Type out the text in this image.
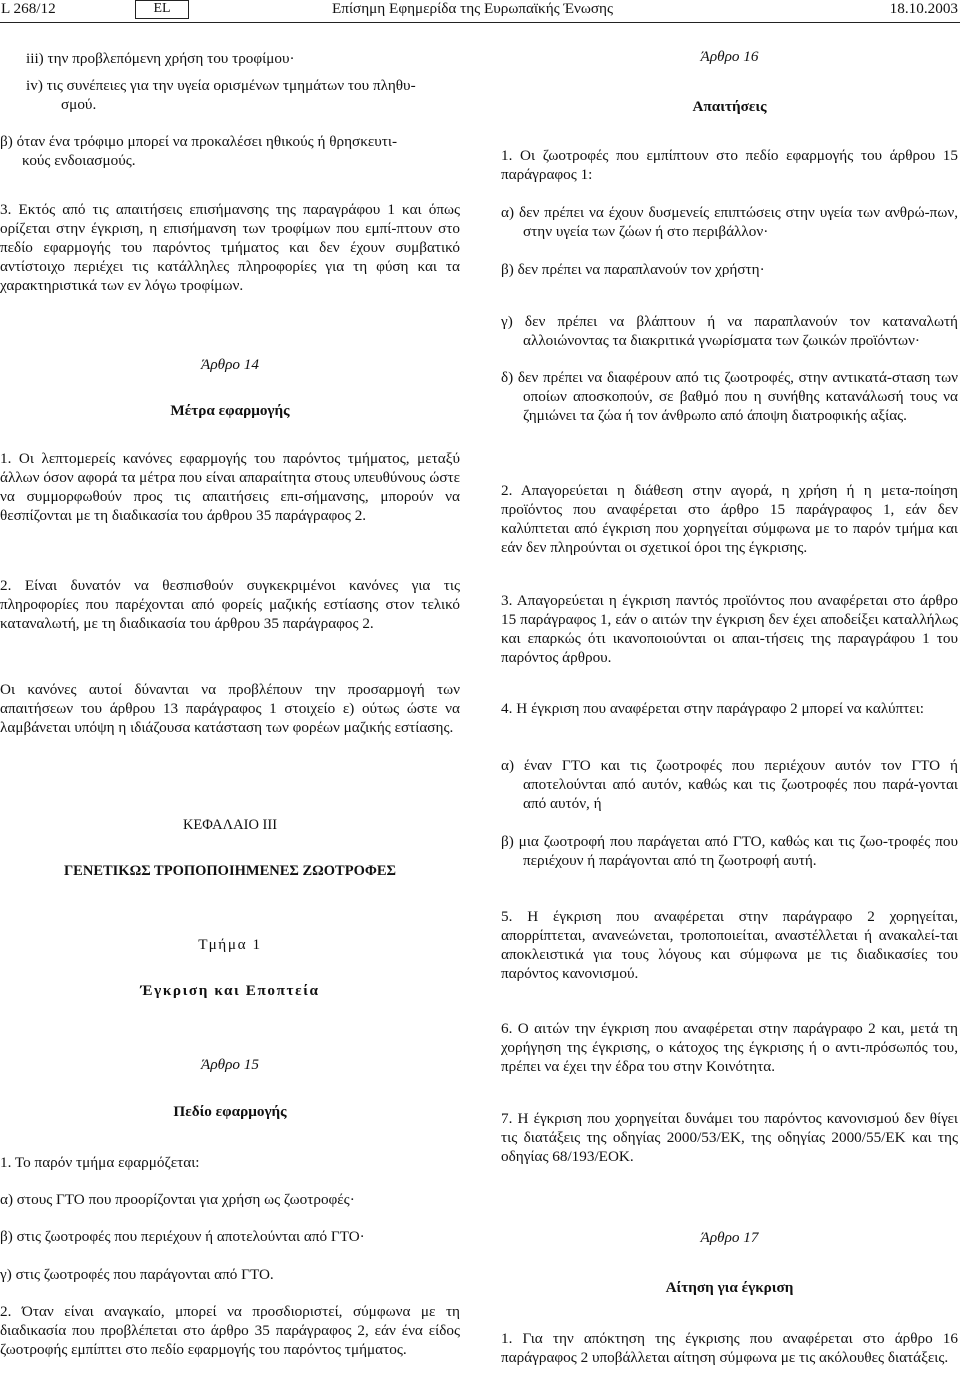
L 268/12	EL	Επίσημη Εφημερίδα της Ευρωπαϊκής Ένωσης	18.10.2003

iii) την προβλεπόμενη χρήση του τροφίμου·

iv) τις συνέπειες για την υγεία ορισμένων τμημάτων του πληθυ-

σμού.

β) όταν ένα τρόφιμο μπορεί να προκαλέσει ηθικούς ή θρησκευτι-

κούς ενδοιασμούς.

3. Εκτός από τις απαιτήσεις επισήμανσης της παραγράφου 1 και όπως ορίζεται στην έγκριση, η επισήμανση των τροφίμων που εμπί-πτουν στο πεδίο εφαρμογής του παρόντος τμήματος και δεν έχουν συμβατικό αντίστοιχο περιέχει τις κατάλληλες πληροφορίες για τη φύση και τα χαρακτηριστικά των εν λόγω τροφίμων.

Άρθρο 14

Μέτρα εφαρμογής

1. Οι λεπτομερείς κανόνες εφαρμογής του παρόντος τμήματος, μεταξύ άλλων όσον αφορά τα μέτρα που είναι απαραίτητα στους υπευθύνους ώστε να συμμορφωθούν προς τις απαιτήσεις επι-σήμανσης, μπορούν να θεσπίζονται με τη διαδικασία του άρθρου 35 παράγραφος 2.

2. Είναι δυνατόν να θεσπισθούν συγκεκριμένοι κανόνες για τις πληροφορίες που παρέχονται από φορείς μαζικής εστίασης στον τελικό καταναλωτή, με τη διαδικασία του άρθρου 35 παράγραφος 2.

Οι κανόνες αυτοί δύνανται να προβλέπουν την προσαρμογή των απαιτήσεων του άρθρου 13 παράγραφος 1 στοιχείο ε) ούτως ώστε να λαμβάνεται υπόψη η ιδιάζουσα κατάσταση των φορέων μαζικής εστίασης.

ΚΕΦΑΛΑΙΟ III

ΓΕΝΕΤΙΚΩΣ ΤΡΟΠΟΠΟΙΗΜΕΝΕΣ ΖΩΟΤΡΟΦΕΣ

Τμήμα 1

Έγκριση και Εποπτεία

Άρθρο 15

Πεδίο εφαρμογής

1. Το παρόν τμήμα εφαρμόζεται:

α) στους ΓΤΟ που προορίζονται για χρήση ως ζωοτροφές·

β) στις ζωοτροφές που περιέχουν ή αποτελούνται από ΓΤΟ·

γ) στις ζωοτροφές που παράγονται από ΓΤΟ.

2. Όταν είναι αναγκαίο, μπορεί να προσδιοριστεί, σύμφωνα με τη διαδικασία που προβλέπεται στο άρθρο 35 παράγραφος 2, εάν ένα είδος ζωοτροφής εμπίπτει στο πεδίο εφαρμογής του παρόντος τμήματος.

Άρθρο 16

Απαιτήσεις

1. Οι ζωοτροφές που εμπίπτουν στο πεδίο εφαρμογής του άρθρου 15 παράγραφος 1:

α) δεν πρέπει να έχουν δυσμενείς επιπτώσεις στην υγεία των ανθρώ-πων, στην υγεία των ζώων ή στο περιβάλλον·

β) δεν πρέπει να παραπλανούν τον χρήστη·

γ) δεν πρέπει να βλάπτουν ή να παραπλανούν τον καταναλωτή αλλοιώνοντας τα διακριτικά γνωρίσματα των ζωικών προϊόντων·

δ) δεν πρέπει να διαφέρουν από τις ζωοτροφές, στην αντικατά-σταση των οποίων αποσκοπούν, σε βαθμό που η συνήθης κατανάλωσή τους να ζημιώνει τα ζώα ή τον άνθρωπο από άποψη διατροφικής αξίας.

2. Απαγορεύεται η διάθεση στην αγορά, η χρήση ή η μετα-ποίηση προϊόντος που αναφέρεται στο άρθρο 15 παράγραφος 1, εάν δεν καλύπτεται από έγκριση που χορηγείται σύμφωνα με το παρόν τμήμα και εάν δεν πληρούνται οι σχετικοί όροι της έγκρισης.

3. Απαγορεύεται η έγκριση παντός προϊόντος που αναφέρεται στο άρθρο 15 παράγραφος 1, εάν ο αιτών την έγκριση δεν έχει αποδείξει καταλλήλως και επαρκώς ότι ικανοποιούνται οι απαι-τήσεις της παραγράφου 1 του παρόντος άρθρου.

4. Η έγκριση που αναφέρεται στην παράγραφο 2 μπορεί να καλύπτει:

α) έναν ΓΤΟ και τις ζωοτροφές που περιέχουν αυτόν τον ΓΤΟ ή αποτελούνται από αυτόν, καθώς και τις ζωοτροφές που παρά-γονται από αυτόν, ή

β) μια ζωοτροφή που παράγεται από ΓΤΟ, καθώς και τις ζωο-τροφές που περιέχουν ή παράγονται από τη ζωοτροφή αυτή.

5. Η έγκριση που αναφέρεται στην παράγραφο 2 χορηγείται, απορρίπτεται, ανανεώνεται, τροποποιείται, αναστέλλεται ή ανακαλεί-ται αποκλειστικά για τους λόγους και σύμφωνα με τις διαδικασίες του παρόντος κανονισμού.

6. Ο αιτών την έγκριση που αναφέρεται στην παράγραφο 2 και, μετά τη χορήγηση της έγκρισης, ο κάτοχος της έγκρισης ή ο αντι-πρόσωπός του, πρέπει να έχει την έδρα του στην Κοινότητα.

7. Η έγκριση που χορηγείται δυνάμει του παρόντος κανονισμού δεν θίγει τις διατάξεις της οδηγίας 2000/53/ΕΚ, της οδηγίας 2000/55/ΕΚ και της οδηγίας 68/193/ΕΟΚ.

Άρθρο 17

Αίτηση για έγκριση

1. Για την απόκτηση της έγκρισης που αναφέρεται στο άρθρο 16 παράγραφος 2 υποβάλλεται αίτηση σύμφωνα με τις ακόλουθες διατάξεις.
